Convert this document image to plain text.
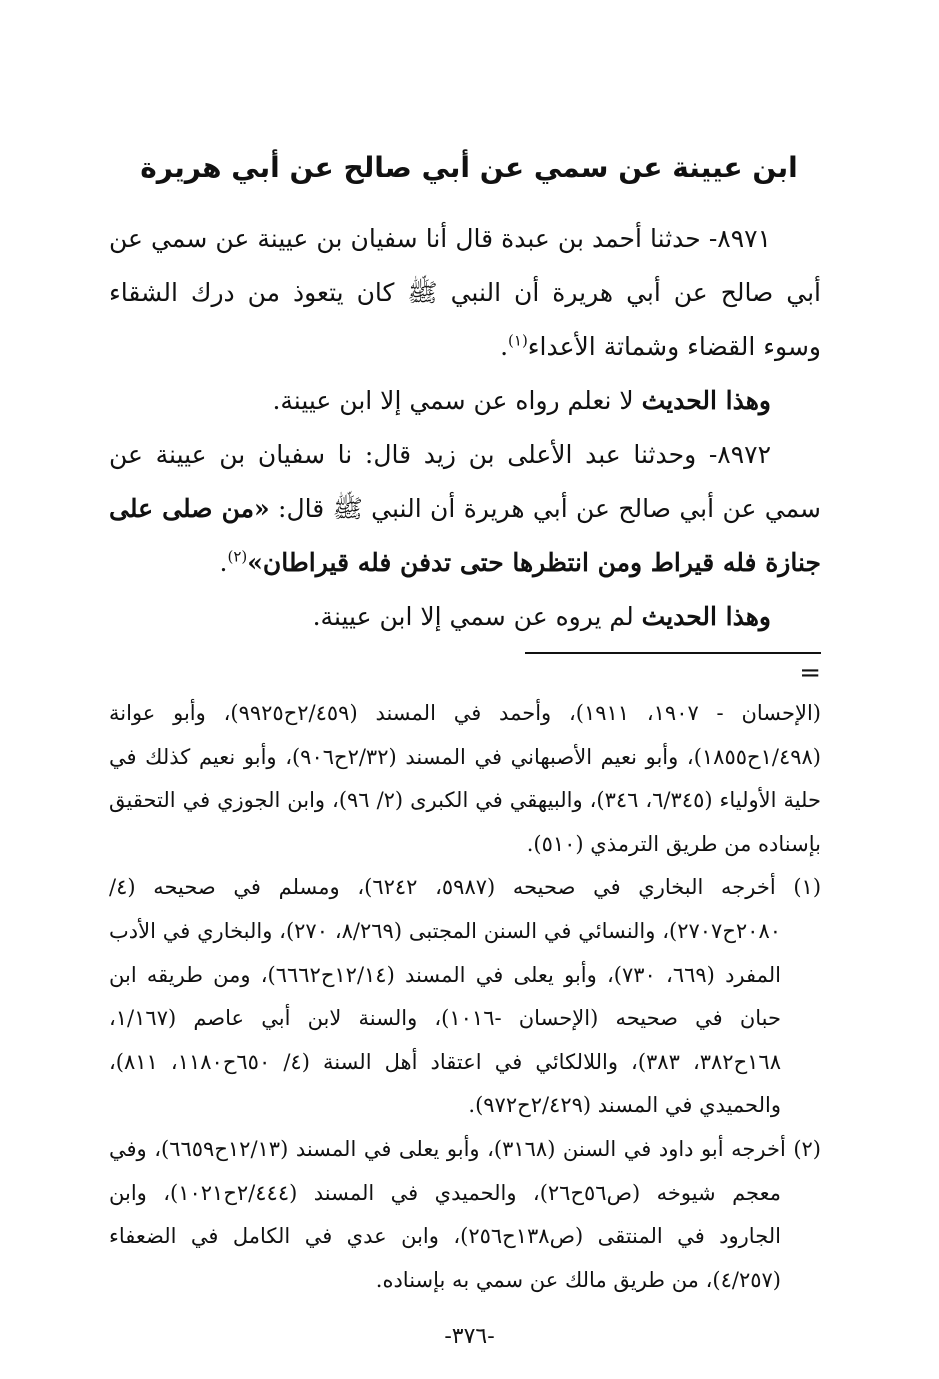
ابن عيينة عن سمي عن أبي صالح عن أبي هريرة

٨٩٧١- حدثنا أحمد بن عبدة قال أنا سفيان بن عيينة عن سمي عن أبي صالح عن أبي هريرة أن النبي ﷺ كان يتعوذ من درك الشقاء وسوء القضاء وشماتة الأعداء$^{(١)}$.

وهذا الحديث لا نعلم رواه عن سمي إلا ابن عيينة.

٨٩٧٢- وحدثنا عبد الأعلى بن زيد قال: نا سفيان بن عيينة عن سمي عن أبي صالح عن أبي هريرة أن النبي ﷺ قال: «من صلى على جنازة فله قيراط ومن انتظرها حتى تدفن فله قيراطان»$^{(٢)}$.

وهذا الحديث لم يروه عن سمي إلا ابن عيينة.

=

(الإحسان - ١٩٠٧، ١٩١١)، وأحمد في المسند (٢/٤٥٩ح٩٩٢٥)، وأبو عوانة (١/٤٩٨ح١٨٥٥)، وأبو نعيم الأصبهاني في المسند (٢/٣٢ح٩٠٦)، وأبو نعيم كذلك في حلية الأولياء (٦/٣٤٥، ٣٤٦)، والبيهقي في الكبرى (٢/ ٩٦)، وابن الجوزي في التحقيق بإسناده من طريق الترمذي (٥١٠).

(١) أخرجه البخاري في صحيحه (٥٩٨٧، ٦٢٤٢)، ومسلم في صحيحه (٤/ ٢٠٨٠ح٢٧٠٧)، والنسائي في السنن المجتبى (٨/٢٦٩، ٢٧٠)، والبخاري في الأدب المفرد (٦٦٩، ٧٣٠)، وأبو يعلى في المسند (١٢/١٤ح٦٦٦٢)، ومن طريقه ابن حبان في صحيحه (الإحسان -١٠١٦)، والسنة لابن أبي عاصم (١/١٦٧، ١٦٨ح٣٨٢، ٣٨٣)، واللالكائي في اعتقاد أهل السنة (٤/ ٦٥٠ح١١٨٠، ٨١١)، والحميدي في المسند (٢/٤٢٩ح٩٧٢).

(٢) أخرجه أبو داود في السنن (٣١٦٨)، وأبو يعلى في المسند (١٢/١٣ح٦٦٥٩)، وفي معجم شيوخه (ص٥٦ح٢٦)، والحميدي في المسند (٢/٤٤٤ح١٠٢١)، وابن الجارود في المنتقى (ص١٣٨ح٢٥٦)، وابن عدي في الكامل في الضعفاء (٤/٢٥٧)، من طريق مالك عن سمي به بإسناده.

-٣٧٦-
